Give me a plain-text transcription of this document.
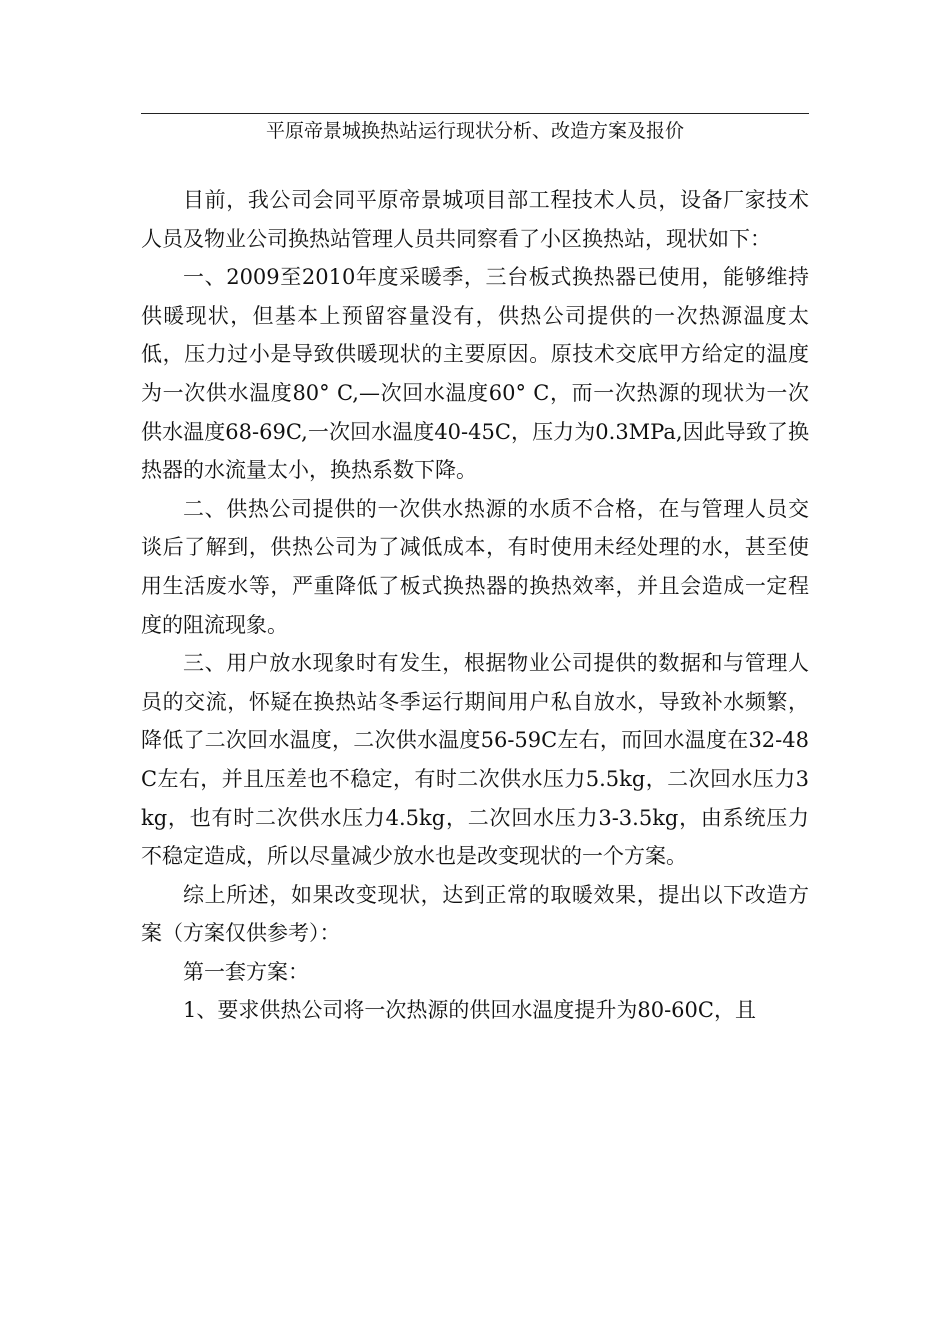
平原帝景城换热站运行现状分析、改造方案及报价

目前，我公司会同平原帝景城项目部工程技术人员，设备厂家技术人员及物业公司换热站管理人员共同察看了小区换热站，现状如下：

一、2009至2010年度采暖季，三台板式换热器已使用，能够维持供暖现状，但基本上预留容量没有，供热公司提供的一次热源温度太低，压力过小是导致供暖现状的主要原因。原技术交底甲方给定的温度为一次供水温度80° C,—次回水温度60° C，而一次热源的现状为一次供水温度68-69C,一次回水温度40-45C，压力为0.3MPa,因此导致了换热器的水流量太小，换热系数下降。

二、供热公司提供的一次供水热源的水质不合格，在与管理人员交谈后了解到，供热公司为了减低成本，有时使用未经处理的水，甚至使用生活废水等，严重降低了板式换热器的换热效率，并且会造成一定程度的阻流现象。

三、用户放水现象时有发生，根据物业公司提供的数据和与管理人员的交流，怀疑在换热站冬季运行期间用户私自放水，导致补水频繁，降低了二次回水温度，二次供水温度56-59C左右，而回水温度在32-48C左右，并且压差也不稳定，有时二次供水压力5.5kg，二次回水压力3kg，也有时二次供水压力4.5kg，二次回水压力3-3.5kg，由系统压力不稳定造成，所以尽量减少放水也是改变现状的一个方案。

综上所述，如果改变现状，达到正常的取暖效果，提出以下改造方案（方案仅供参考）：

第一套方案：

1、要求供热公司将一次热源的供回水温度提升为80-60C，且
